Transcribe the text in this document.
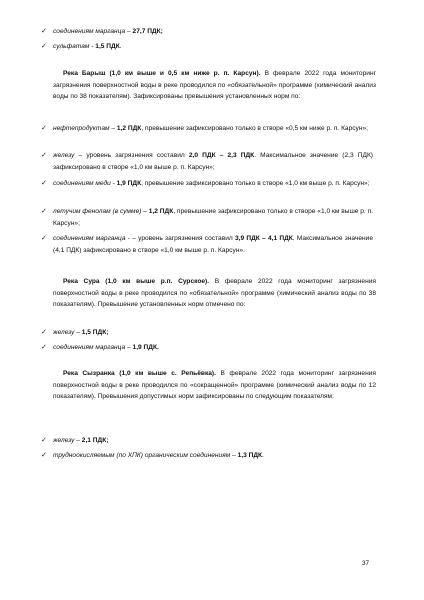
✓ соединениям марганца – 27,7 ПДК;
✓ сульфатам - 1,5 ПДК.
Река Барыш (1,0 км выше и 0,5 км ниже р. п. Карсун). В феврале 2022 года мониторинг загрязнения поверхностной воды в реке проводился по «обязательной» программе (химический анализ воды по 38 показателям). Зафиксированы превышения установленных норм по:
✓ нефтепродуктам – 1,2 ПДК, превышение зафиксировано только в створе «0,5 км ниже р. п. Карсун»;
✓ железу – уровень загрязнения составил 2,0 ПДК – 2,3 ПДК. Максимальное значение (2,3 ПДК) зафиксировано в створе «1,0 км выше р. п. Карсун»;
✓ соединениям меди - 1,9 ПДК, превышение зафиксировано только в створе «1,0 км выше р. п. Карсун»;
✓ летучим фенолам (в сумме) – 1,2 ПДК, превышение зафиксировано только в створе «1,0 км выше р. п. Карсун»;
✓ соединениям марганца - – уровень загрязнения составил 3,9 ПДК – 4,1 ПДК. Максимальное значение (4,1 ПДК) зафиксировано в створе «1,0 км выше р. п. Карсун».
Река Сура (1,0 км выше р.п. Сурское). В феврале 2022 года мониторинг загрязнения поверхностной воды в реке проводился по «обязательной» программе (химический анализ воды по 38 показателям). Превышение установленных норм отмечено по:
✓ железу – 1,5 ПДК;
✓ соединениям марганца – 1,9 ПДК.
Река Сызранка (1,0 км выше с. Репьёвка). В феврале 2022 года мониторинг загрязнения поверхностной воды в реке проводился по «сокращенной» программе (химический анализ воды по 12 показателям). Превышения допустимых норм зафиксированы по следующим показателям:
✓ железу – 2,1 ПДК;
✓ трудноокисляемым (по ХПК) органическим соединениям – 1,3 ПДК.
37
